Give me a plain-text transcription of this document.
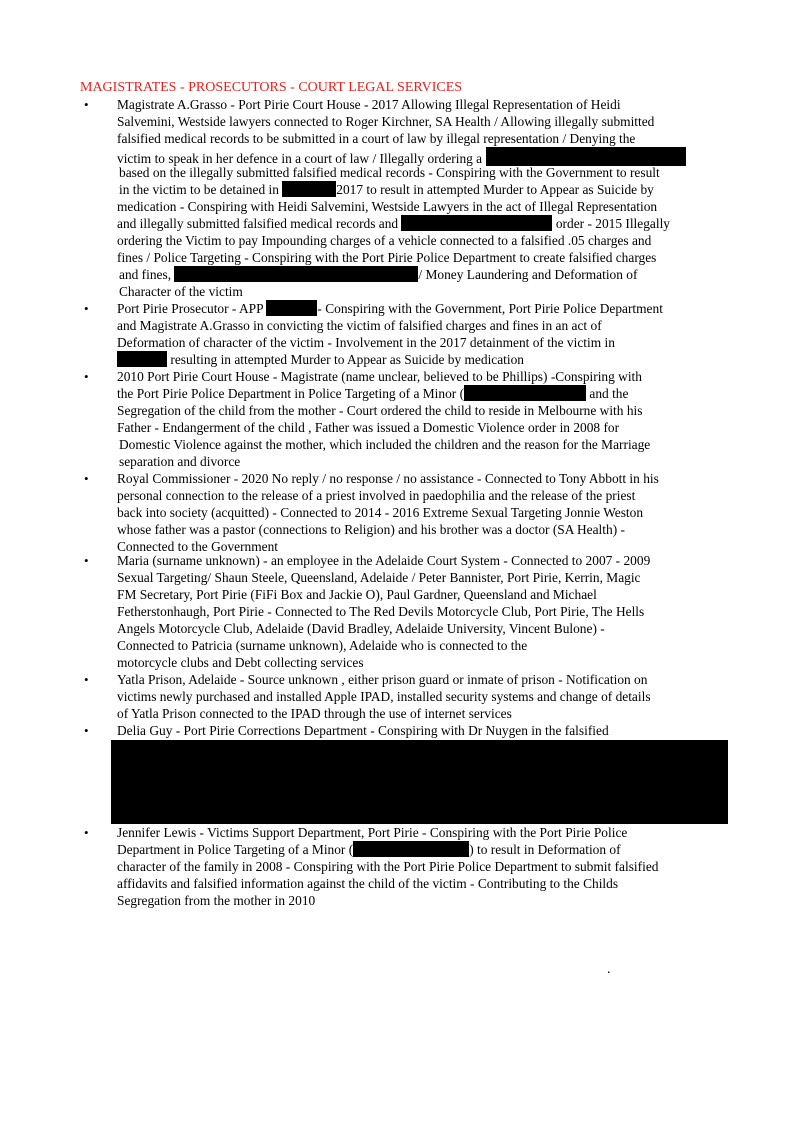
MAGISTRATES - PROSECUTORS - COURT LEGAL SERVICES
• Magistrate A.Grasso - Port Pirie Court House - 2017 Allowing Illegal Representation of Heidi
Salvemini, Westside lawyers connected to Roger Kirchner, SA Health / Allowing illegally submitted
falsified medical records to be submitted in a court of law by illegal representation / Denying the
victim to speak in her defence in a court of law / Illegally ordering a
based on the illegally submitted falsified medical records - Conspiring with the Government to result
in the victim to be detained in	2017 to result in attempted Murder to Appear as Suicide by
medication - Conspiring with Heidi Salvemini, Westside Lawyers in the act of Illegal Representation
and illegally submitted falsified medical records and	order - 2015 Illegally
ordering the Victim to pay Impounding charges of a vehicle connected to a falsified .05 charges and
fines / Police Targeting - Conspiring with the Port Pirie Police Department to create falsified charges
and fines,	/ Money Laundering and Deformation of
Character of the victim
• Port Pirie Prosecutor - APP	- Conspiring with the Government, Port Pirie Police Department
and Magistrate A.Grasso in convicting the victim of falsified charges and fines in an act of
Deformation of character of the victim - Involvement in the 2017 detainment of the victim in
resulting in attempted Murder to Appear as Suicide by medication
• 2010 Port Pirie Court House - Magistrate (name unclear, believed to be Phillips) -Conspiring with
the Port Pirie Police Department in Police Targeting of a Minor (	and the
Segregation of the child from the mother - Court ordered the child to reside in Melbourne with his
Father - Endangerment of the child , Father was issued a Domestic Violence order in 2008 for
Domestic Violence against the mother, which included the children and the reason for the Marriage
separation and divorce
• Royal Commissioner - 2020 No reply / no response / no assistance - Connected to Tony Abbott in his
personal connection to the release of a priest involved in paedophilia and the release of the priest
back into society (acquitted) - Connected to 2014 - 2016 Extreme Sexual Targeting Jonnie Weston
whose father was a pastor (connections to Religion) and his brother was a doctor (SA Health) -
Connected to the Government
• Maria (surname unknown) - an employee in the Adelaide Court System - Connected to 2007 - 2009
Sexual Targeting/ Shaun Steele, Queensland, Adelaide / Peter Bannister, Port Pirie, Kerrin, Magic
FM Secretary, Port Pirie (FiFi Box and Jackie O), Paul Gardner, Queensland and Michael
Fetherstonhaugh, Port Pirie - Connected to The Red Devils Motorcycle Club, Port Pirie, The Hells
Angels Motorcycle Club, Adelaide (David Bradley, Adelaide University, Vincent Bulone) -
Connected to Patricia (surname unknown), Adelaide who is connected to the
motorcycle clubs and Debt collecting services
• Yatla Prison, Adelaide - Source unknown , either prison guard or inmate of prison - Notification on
victims newly purchased and installed Apple IPAD, installed security systems and change of details
of Yatla Prison connected to the IPAD through the use of internet services
• Delia Guy - Port Pirie Corrections Department - Conspiring with Dr Nuygen in the falsified
• Jennifer Lewis - Victims Support Department, Port Pirie - Conspiring with the Port Pirie Police
Department in Police Targeting of a Minor (	) to result in Deformation of
character of the family in 2008 - Conspiring with the Port Pirie Police Department to submit falsified
affidavits and falsified information against the child of the victim - Contributing to the Childs
Segregation from the mother in 2010
.
